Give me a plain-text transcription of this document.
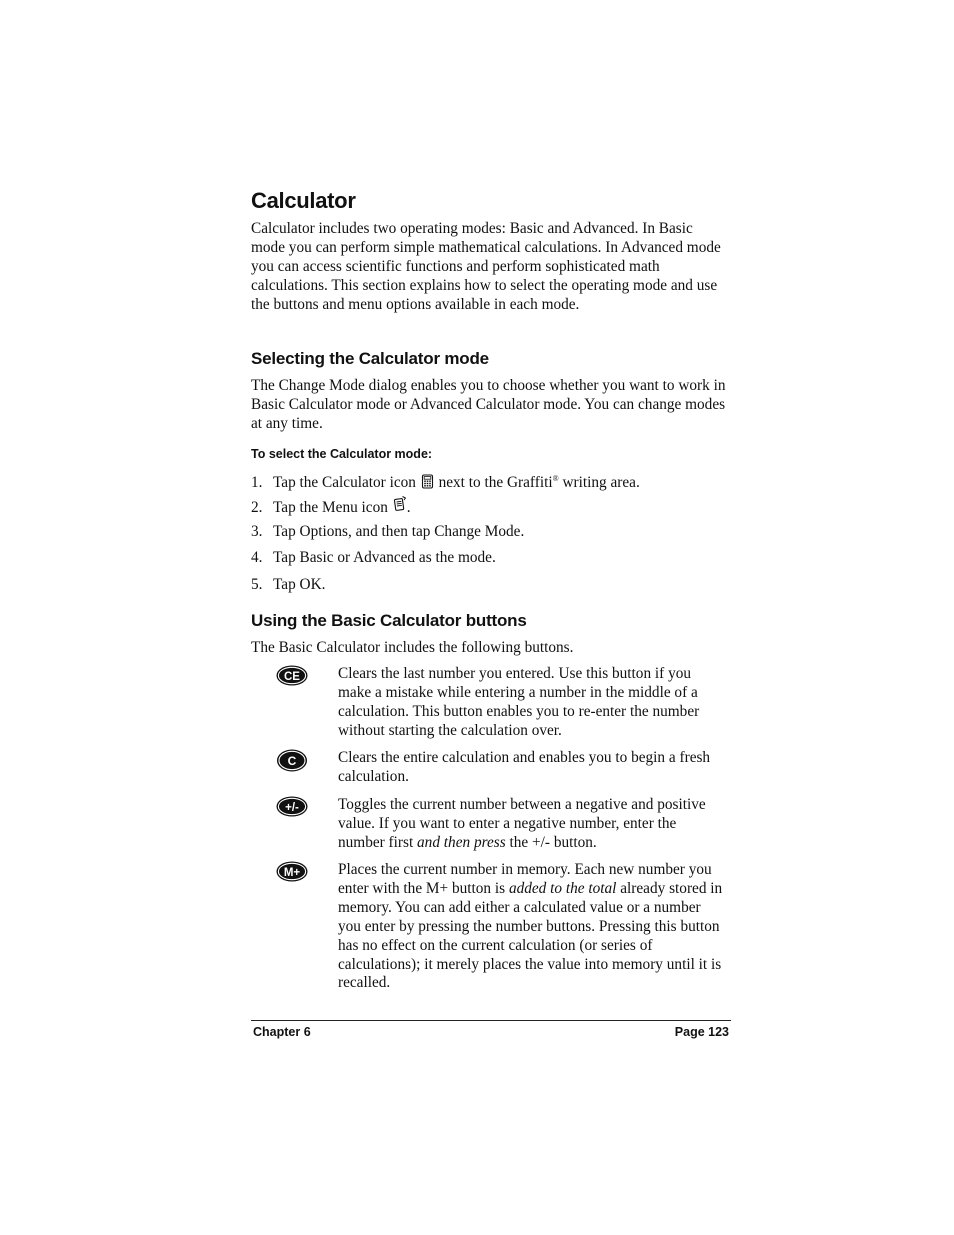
Calculator

Calculator includes two operating modes: Basic and Advanced. In Basic mode you can perform simple mathematical calculations. In Advanced mode you can access scientific functions and perform sophisticated math calculations. This section explains how to select the operating mode and use the buttons and menu options available in each mode.

Selecting the Calculator mode

The Change Mode dialog enables you to choose whether you want to work in Basic Calculator mode or Advanced Calculator mode. You can change modes at any time.

To select the Calculator mode:
1. Tap the Calculator icon next to the Graffiti® writing area.
2. Tap the Menu icon .
3. Tap Options, and then tap Change Mode.
4. Tap Basic or Advanced as the mode.
5. Tap OK.
Using the Basic Calculator buttons

The Basic Calculator includes the following buttons.

CE Clears the last number you entered. Use this button if you make a mistake while entering a number in the middle of a calculation. This button enables you to re-enter the number without starting the calculation over.

C	Clears the entire calculation and enables you to begin a fresh calculation.

+/-	Toggles the current number between a negative and positive value. If you want to enter a negative number, enter the number first and then press the +/- button.

M+ Places the current number in memory. Each new number you enter with the M+ button is added to the total already stored in memory. You can add either a calculated value or a number you enter by pressing the number buttons. Pressing this button has no effect on the current calculation (or series of calculations); it merely places the value into memory until it is recalled.

Chapter 6	Page 123
